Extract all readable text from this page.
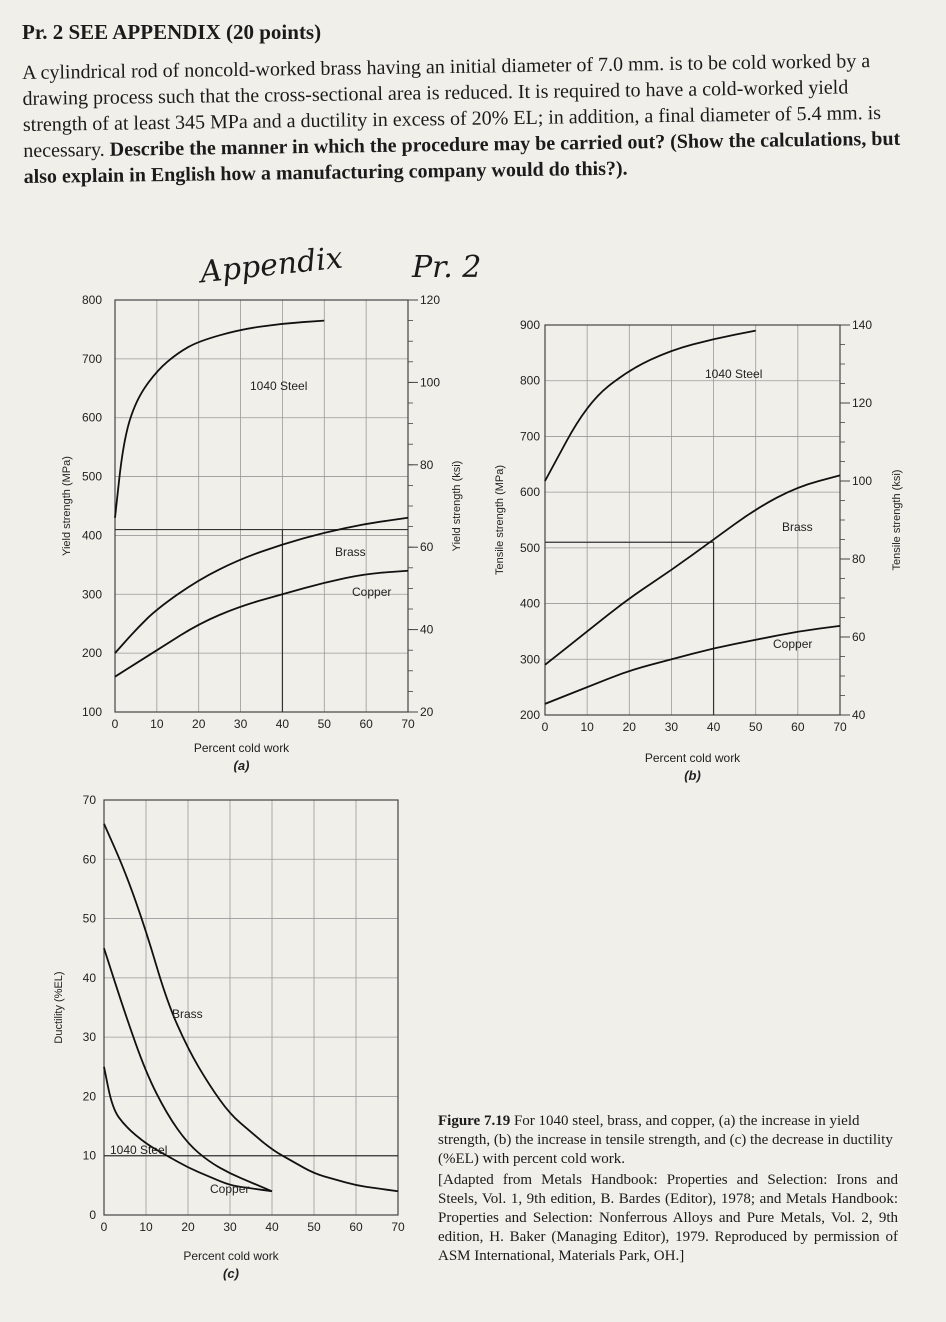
Pr. 2 SEE APPENDIX (20 points)
A cylindrical rod of noncold-worked brass having an initial diameter of 7.0 mm. is to be cold worked by a drawing process such that the cross-sectional area is reduced. It is required to have a cold-worked yield strength of at least 345 MPa and a ductility in excess of 20% EL; in addition, a final diameter of 5.4 mm. is necessary. Describe the manner in which the procedure may be carried out? (Show the calculations, but also explain in English how a manufacturing company would do this?).
Appendix Pr. 2
0	10 20 30 40 50 60 70
100
200
300
400
500
600
700
800
20
40
60
80
100
120
Yield strength (ksi)
Yield strength (MPa)
Percent cold work
(a)
1040 Steel
Brass
Copper
0	10 20 30 40 50 60 70
200
300
400
500
600
700
800
900
40
60
80
100
120
140
Tensile strength (ksi)
Tensile strength (MPa)
Percent cold work
(b)
1040 Steel
Brass
Copper
0	10 20 30 40 50 60 70
0
10
20
30
40
50
60
70
Ductility (%EL)
Percent cold work
(c)
Brass
1040 Steel
Copper
Figure 7.19 For 1040 steel, brass, and copper, (a) the increase in yield strength, (b) the increase in tensile strength, and (c) the decrease in ductility (%EL) with percent cold work.
[Adapted from Metals Handbook: Properties and Selection: Irons and Steels, Vol. 1, 9th edition, B. Bardes (Editor), 1978; and Metals Handbook: Properties and Selection: Nonferrous Alloys and Pure Metals, Vol. 2, 9th edition, H. Baker (Managing Editor), 1979. Reproduced by permission of ASM International, Materials Park, OH.]
